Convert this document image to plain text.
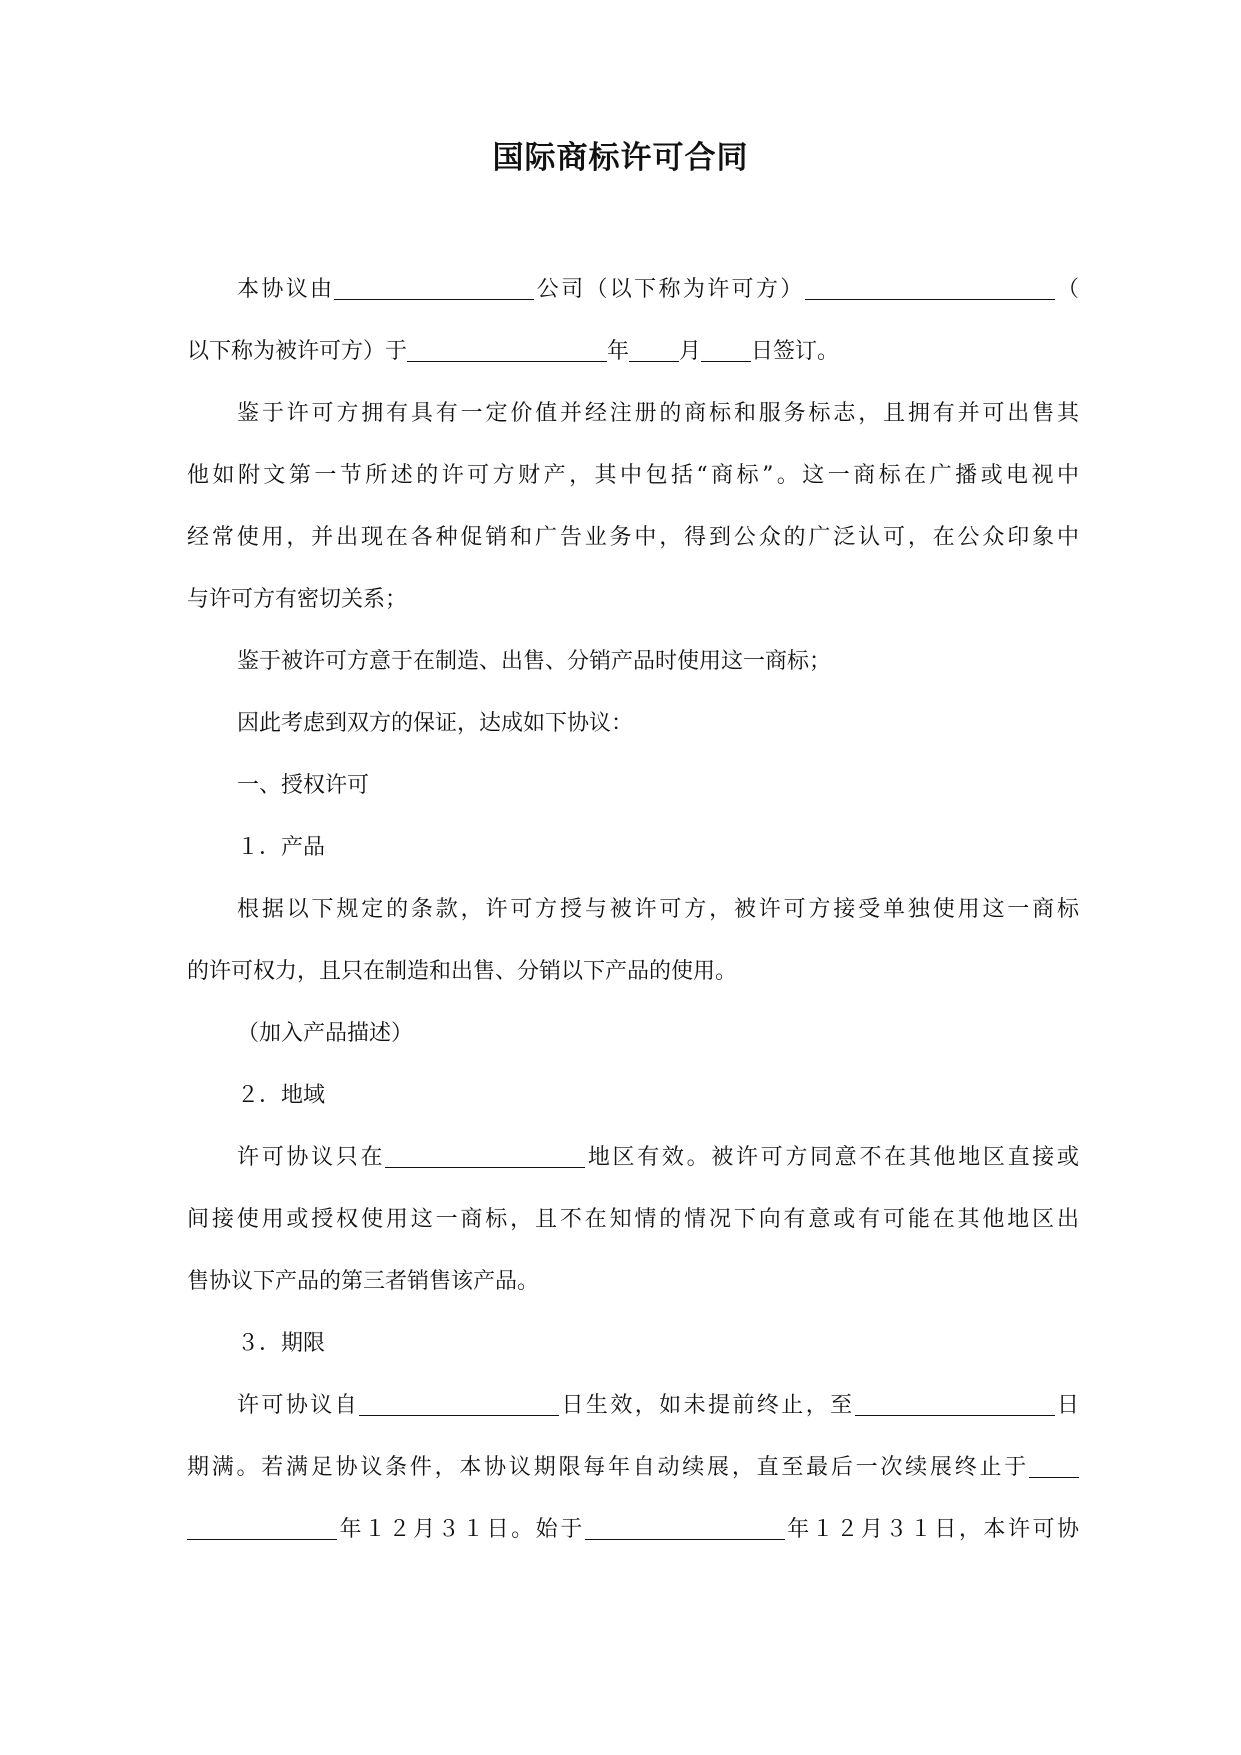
国际商标许可合同

本协议由	公司（以下称为许可方）	（

以下称为被许可方）于	年 月 日签订。

鉴于许可方拥有具有一定价值并经注册的商标和服务标志，且拥有并可出售其

他如附文第一节所述的许可方财产，其中包括“商标”。这一商标在广播或电视中

经常使用，并出现在各种促销和广告业务中，得到公众的广泛认可，在公众印象中

与许可方有密切关系；

鉴于被许可方意于在制造、出售、分销产品时使用这一商标；

因此考虑到双方的保证，达成如下协议：

一、授权许可

１．产品

根据以下规定的条款，许可方授与被许可方，被许可方接受单独使用这一商标

的许可权力，且只在制造和出售、分销以下产品的使用。

（加入产品描述）

２．地域

许可协议只在	地区有效。被许可方同意不在其他地区直接或

间接使用或授权使用这一商标，且不在知情的情况下向有意或有可能在其他地区出

售协议下产品的第三者销售该产品。

３．期限

许可协议自	日生效，如未提前终止，至	日

期满。若满足协议条件，本协议期限每年自动续展，直至最后一次续展终止于

年１２月３１日。始于	年１２月３１日，本许可协
